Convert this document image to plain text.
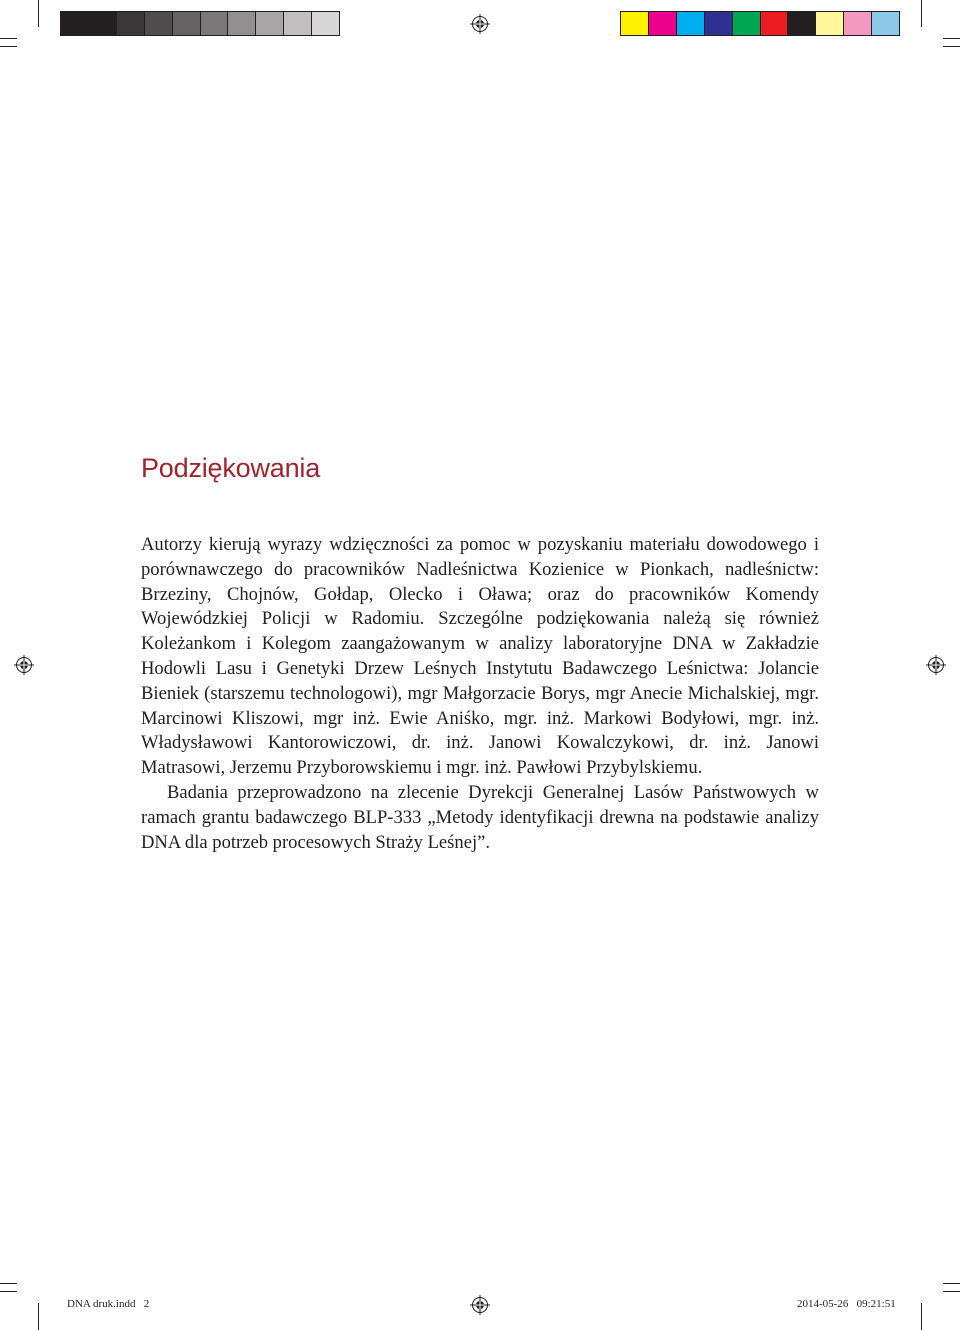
Podziękowania

Autorzy kierują wyrazy wdzięczności za pomoc w pozyskaniu materiału dowodowego i porównawczego do pracowników Nadleśnictwa Kozienice w Pionkach, nadleśnictw: Brzeziny, Chojnów, Gołdap, Olecko i Oława; oraz do pracowników Komendy Wojewódzkiej Policji w Radomiu. Szczególne podziękowania należą się również Koleżankom i Kolegom zaangażowanym w analizy laboratoryjne DNA w Zakładzie Hodowli Lasu i Genetyki Drzew Leśnych Instytutu Badawczego Leśnictwa: Jolancie Bieniek (starszemu technologowi), mgr Małgorzacie Borys, mgr Anecie Michalskiej, mgr. Marcinowi Kliszowi, mgr inż. Ewie Aniśko, mgr. inż. Markowi Bodyłowi, mgr. inż. Władysławowi Kantorowiczowi, dr. inż. Janowi Kowalczykowi, dr. inż. Janowi Matrasowi, Jerzemu Przyborowskiemu i mgr. inż. Pawłowi Przybylskiemu.

Badania przeprowadzono na zlecenie Dyrekcji Generalnej Lasów Państwowych w ramach grantu badawczego BLP-333 „Metody identyfikacji drewna na podstawie analizy DNA dla potrzeb procesowych Straży Leśnej”.

DNA druk.indd   2	2014-05-26   09:21:51
